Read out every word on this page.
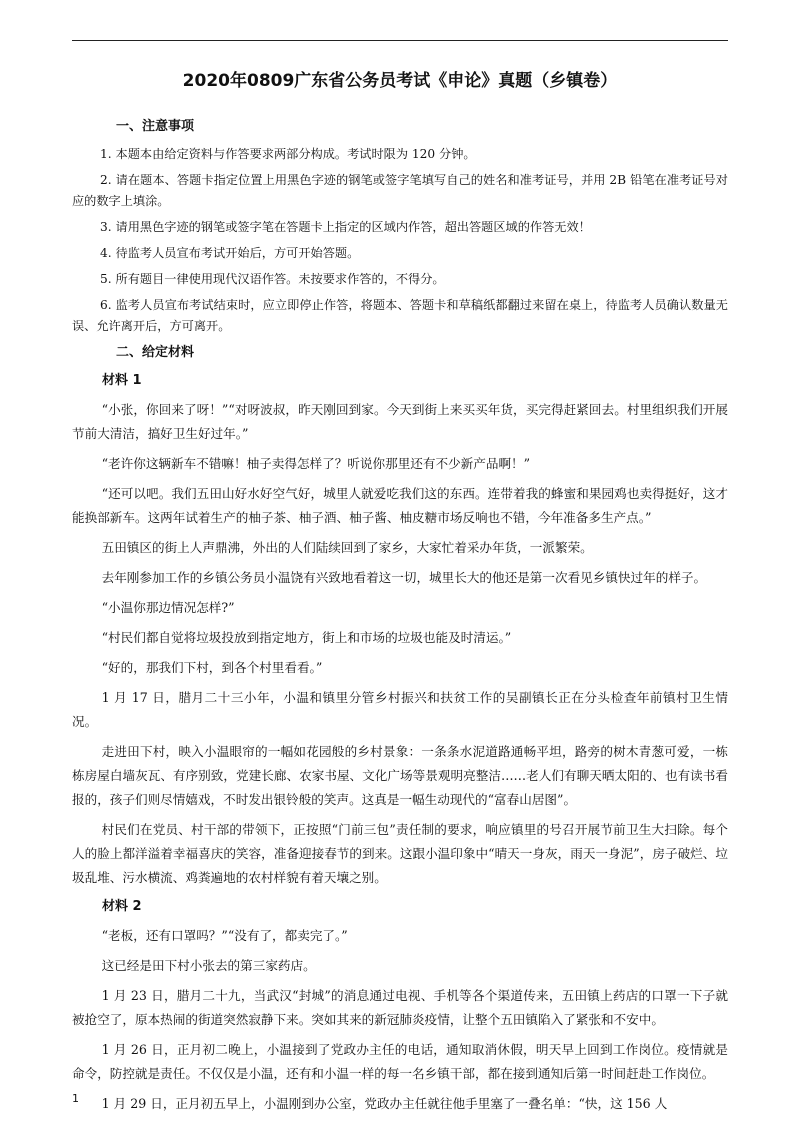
2020年0809广东省公务员考试《申论》真题（乡镇卷）
一、注意事项

1. 本题本由给定资料与作答要求两部分构成。考试时限为 120 分钟。

2. 请在题本、答题卡指定位置上用黑色字迹的钢笔或签字笔填写自己的姓名和准考证号，并用 2B 铅笔在准考证号对应的数字上填涂。

3. 请用黑色字迹的钢笔或签字笔在答题卡上指定的区域内作答，超出答题区域的作答无效！

4. 待监考人员宣布考试开始后，方可开始答题。

5. 所有题目一律使用现代汉语作答。未按要求作答的，不得分。

6. 监考人员宣布考试结束时，应立即停止作答，将题本、答题卡和草稿纸都翻过来留在桌上，待监考人员确认数量无误、允许离开后，方可离开。

二、给定材料
材料 1

“小张，你回来了呀！”“对呀波叔，昨天刚回到家。今天到街上来买买年货，买完得赶紧回去。村里组织我们开展节前大清洁，搞好卫生好过年。”

“老许你这辆新车不错嘛！柚子卖得怎样了？听说你那里还有不少新产品啊！”

“还可以吧。我们五田山好水好空气好，城里人就爱吃我们这的东西。连带着我的蜂蜜和果园鸡也卖得挺好，这才能换部新车。这两年试着生产的柚子茶、柚子酒、柚子酱、柚皮糖市场反响也不错，今年准备多生产点。”

五田镇区的街上人声鼎沸，外出的人们陆续回到了家乡，大家忙着采办年货，一派繁荣。

去年刚参加工作的乡镇公务员小温饶有兴致地看着这一切，城里长大的他还是第一次看见乡镇快过年的样子。

“小温你那边情况怎样?”

“村民们都自觉将垃圾投放到指定地方，街上和市场的垃圾也能及时清运。”

“好的，那我们下村，到各个村里看看。”

1 月 17 日，腊月二十三小年，小温和镇里分管乡村振兴和扶贫工作的吴副镇长正在分头检查年前镇村卫生情况。

走进田下村，映入小温眼帘的一幅如花园般的乡村景象：一条条水泥道路通畅平坦，路旁的树木青葱可爱，一栋栋房屋白墙灰瓦、有序别致，党建长廊、农家书屋、文化广场等景观明亮整洁……老人们有聊天晒太阳的、也有读书看报的，孩子们则尽情嬉戏，不时发出银铃般的笑声。这真是一幅生动现代的“富春山居图”。

村民们在党员、村干部的带领下，正按照“门前三包”责任制的要求，响应镇里的号召开展节前卫生大扫除。每个人的脸上都洋溢着幸福喜庆的笑容，准备迎接春节的到来。这跟小温印象中“晴天一身灰，雨天一身泥”，房子破烂、垃圾乱堆、污水横流、鸡粪遍地的农村样貌有着天壤之别。

材料 2

“老板，还有口罩吗？”“没有了，都卖完了。”

这已经是田下村小张去的第三家药店。

1 月 23 日，腊月二十九，当武汉“封城”的消息通过电视、手机等各个渠道传来，五田镇上药店的口罩一下子就被抢空了，原本热闹的街道突然寂静下来。突如其来的新冠肺炎疫情，让整个五田镇陷入了紧张和不安中。

1 月 26 日，正月初二晚上，小温接到了党政办主任的电话，通知取消休假，明天早上回到工作岗位。疫情就是命令，防控就是责任。不仅仅是小温，还有和小温一样的每一名乡镇干部，都在接到通知后第一时间赶赴工作岗位。

1 月 29 日，正月初五早上，小温刚到办公室，党政办主任就往他手里塞了一叠名单：“快，这 156 人

1
